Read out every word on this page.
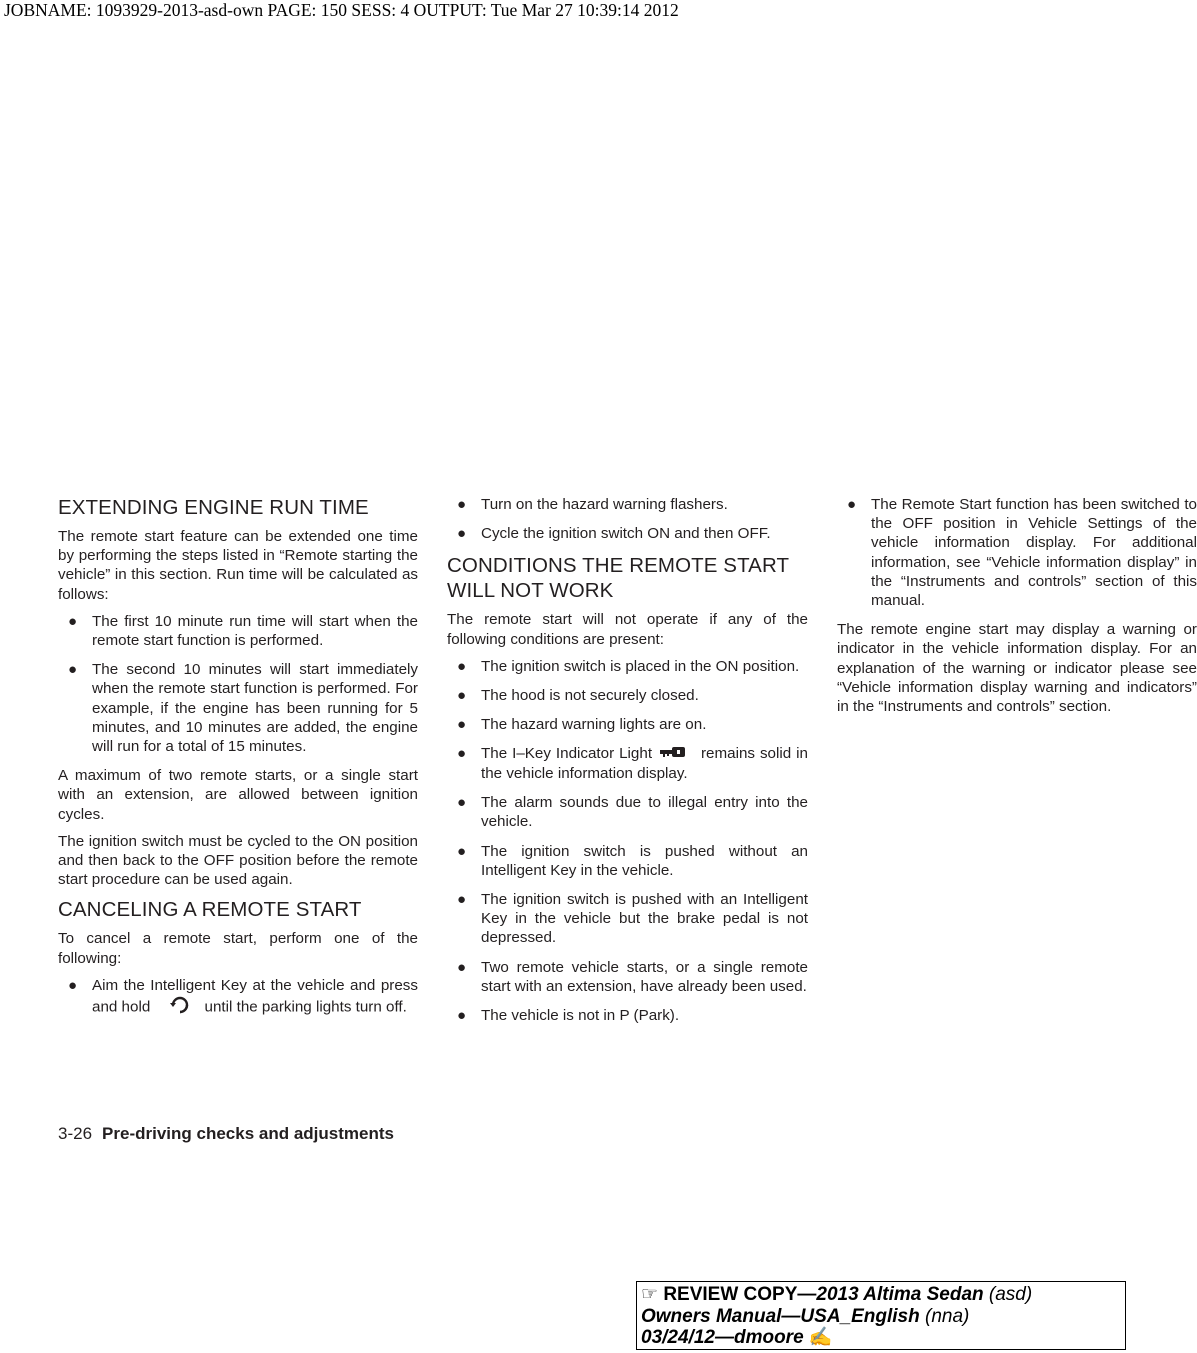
JOBNAME: 1093929-2013-asd-own PAGE: 150 SESS: 4 OUTPUT: Tue Mar 27 10:39:14 2012
EXTENDING ENGINE RUN TIME

The remote start feature can be extended one time by performing the steps listed in “Remote starting the vehicle” in this section. Run time will be calculated as follows:

● The first 10 minute run time will start when the remote start function is performed.
● The second 10 minutes will start immediately when the remote start function is performed. For example, if the engine has been running for 5 minutes, and 10 minutes are added, the engine will run for a total of 15 minutes.

A maximum of two remote starts, or a single start with an extension, are allowed between ignition cycles.

The ignition switch must be cycled to the ON position and then back to the OFF position before the remote start procedure can be used again.

CANCELING A REMOTE START

To cancel a remote start, perform one of the following:

● Aim the Intelligent Key at the vehicle and press and hold	until the parking lights turn off.
● Turn on the hazard warning flashers.
● Cycle the ignition switch ON and then OFF.
CONDITIONS THE REMOTE START WILL NOT WORK

The remote start will not operate if any of the following conditions are present:

● The ignition switch is placed in the ON position.
● The hood is not securely closed.
● The hazard warning lights are on.
● The I–Key Indicator Light	remains solid in the vehicle information display.
● The alarm sounds due to illegal entry into the vehicle.
● The ignition switch is pushed without an Intelligent Key in the vehicle.
● The ignition switch is pushed with an Intelligent Key in the vehicle but the brake pedal is not depressed.
● Two remote vehicle starts, or a single remote start with an extension, have already been used.
● The vehicle is not in P (Park).
● The Remote Start function has been switched to the OFF position in Vehicle Settings of the vehicle information display. For additional information, see “Vehicle information display” in the “Instruments and controls” section of this manual.

The remote engine start may display a warning or indicator in the vehicle information display. For an explanation of the warning or indicator please see “Vehicle information display warning and indicators” in the “Instruments and controls” section.

3-26 Pre-driving checks and adjustments
☞ REVIEW COPY—2013 Altima Sedan (asd)
Owners Manual—USA_English (nna)
03/24/12—dmoore ✍
